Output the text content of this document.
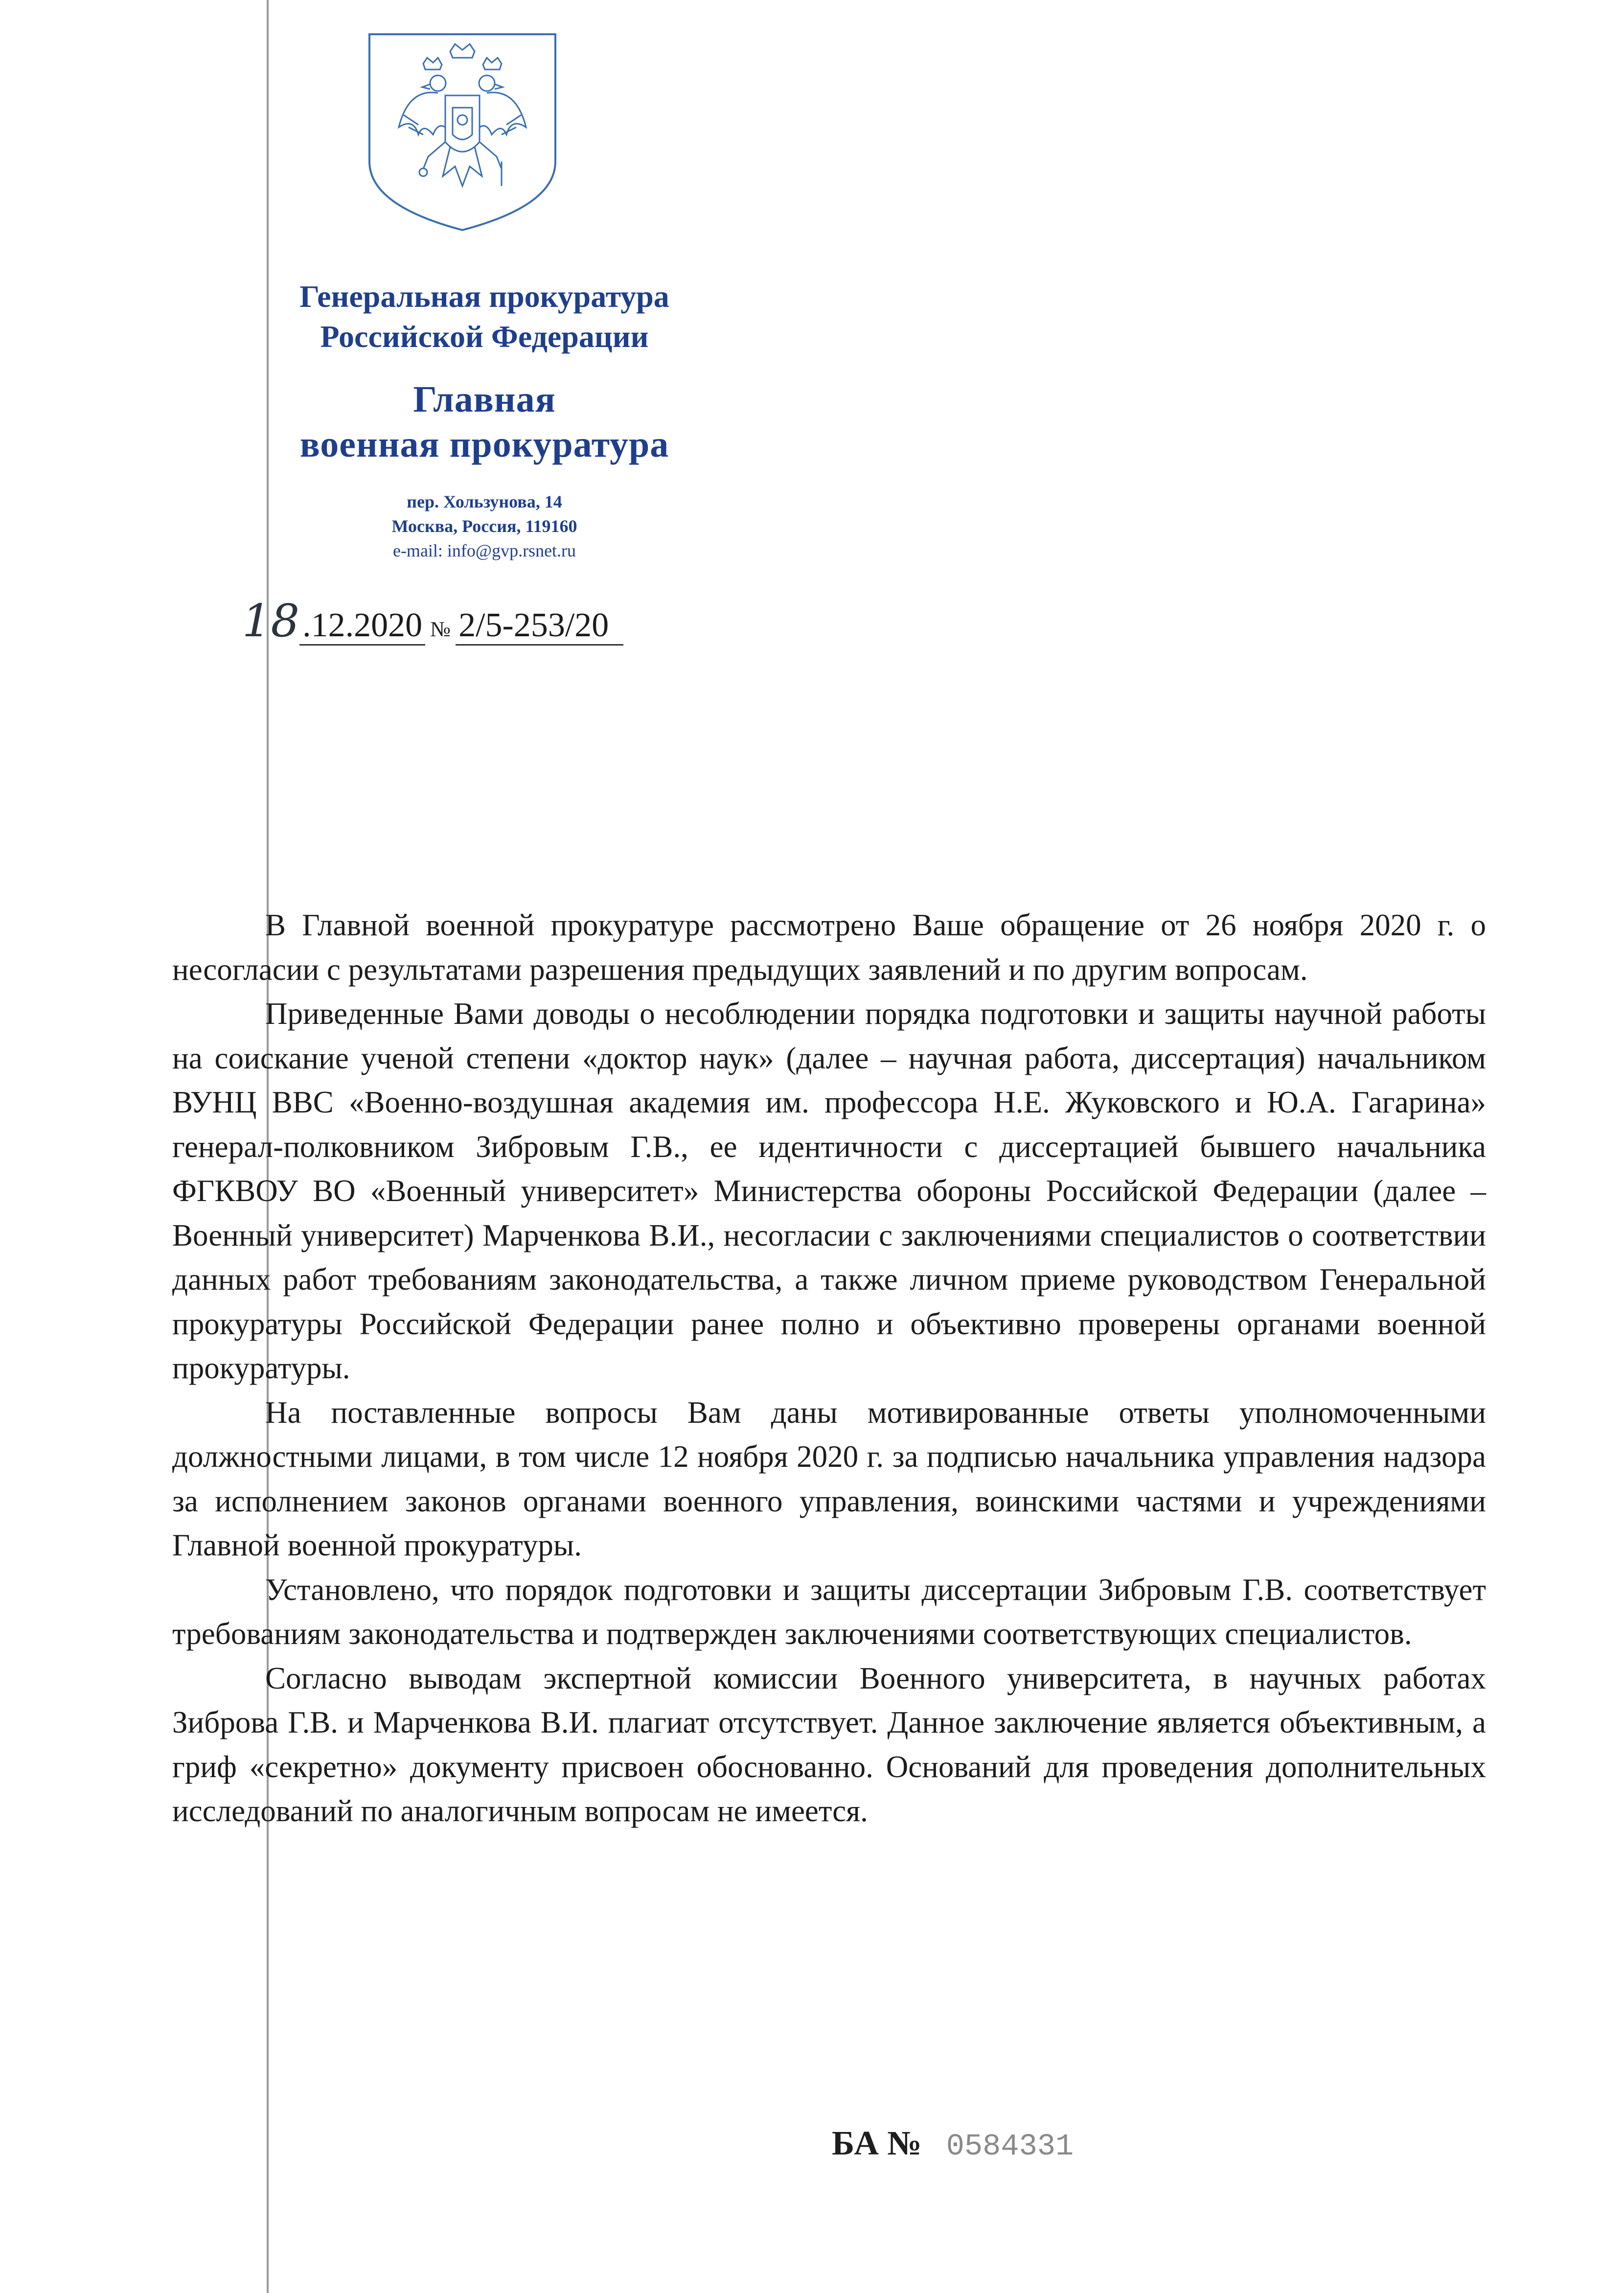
Генеральная прокуратура
Российской Федерации
Главная
военная прокуратура
пер. Хользунова, 14
Москва, Россия, 119160
e-mail: info@gvp.rsnet.ru
18.12.2020 № 2/5-253/20

В Главной военной прокуратуре рассмотрено Ваше обращение от 26 ноября 2020 г. о несогласии с результатами разрешения предыдущих заявлений и по другим вопросам.

Приведенные Вами доводы о несоблюдении порядка подготовки и защиты научной работы на соискание ученой степени «доктор наук» (далее – научная работа, диссертация) начальником ВУНЦ ВВС «Военно-воздушная академия им. профессора Н.Е. Жуковского и Ю.А. Гагарина» генерал-полковником Зибровым Г.В., ее идентичности с диссертацией бывшего начальника ФГКВОУ ВО «Военный университет» Министерства обороны Российской Федерации (далее – Военный университет) Марченкова В.И., несогласии с заключениями специалистов о соответствии данных работ требованиям законодательства, а также личном приеме руководством Генеральной прокуратуры Российской Федерации ранее полно и объективно проверены органами военной прокуратуры.

На поставленные вопросы Вам даны мотивированные ответы уполномоченными должностными лицами, в том числе 12 ноября 2020 г. за подписью начальника управления надзора за исполнением законов органами военного управления, воинскими частями и учреждениями Главной военной прокуратуры.

Установлено, что порядок подготовки и защиты диссертации Зибровым Г.В. соответствует требованиям законодательства и подтвержден заключениями соответствующих специалистов.

Согласно выводам экспертной комиссии Военного университета, в научных работах Зиброва Г.В. и Марченкова В.И. плагиат отсутствует. Данное заключение является объективным, а гриф «секретно» документу присвоен обоснованно. Оснований для проведения дополнительных исследований по аналогичным вопросам не имеется.

БА № 0584331
